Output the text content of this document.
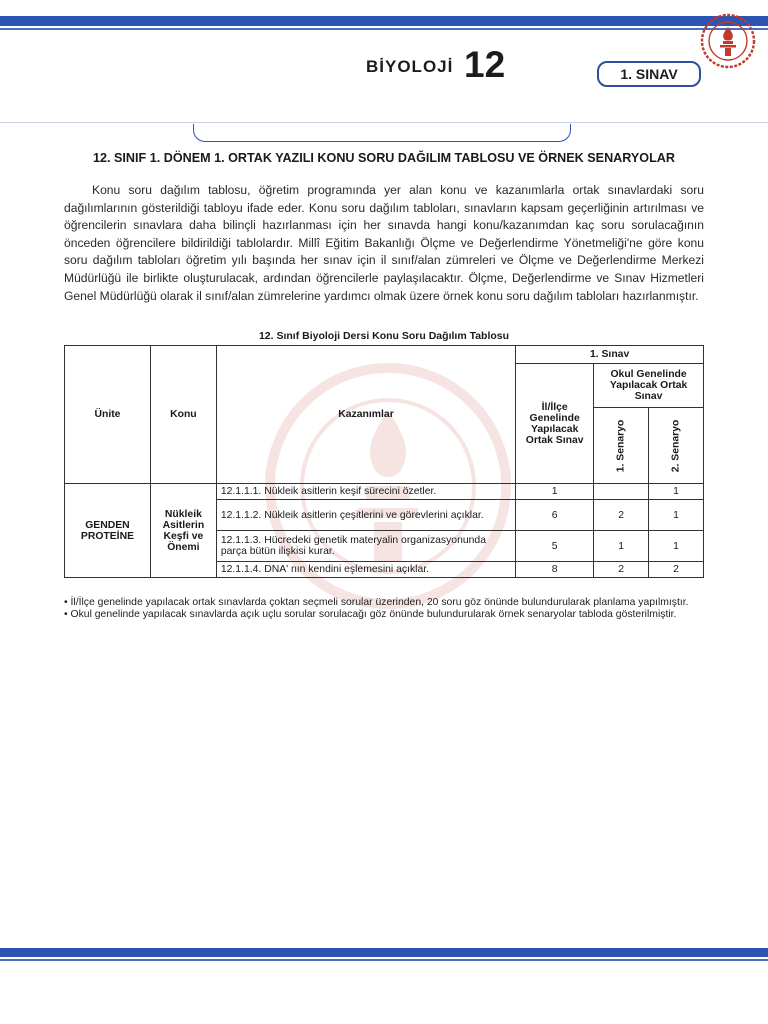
BİYOLOJİ 12	1. SINAV
12. SINIF 1. DÖNEM 1. ORTAK YAZILI KONU SORU DAĞILIM TABLOSU VE ÖRNEK SENARYOLAR

Konu soru dağılım tablosu, öğretim programında yer alan konu ve kazanımlarla ortak sınavlardaki soru dağılımlarının gösterildiği tabloyu ifade eder. Konu soru dağılım tabloları, sınavların kapsam geçerliğinin artırılması ve öğrencilerin sınavlara daha bilinçli hazırlanması için her sınavda hangi konu/kazanımdan kaç soru sorulacağının önceden öğrencilere bildirildiği tablolardır. Millî Eğitim Bakanlığı Ölçme ve Değerlendirme Yönetmeliği'ne göre konu soru dağılım tabloları öğretim yılı başında her sınav için il sınıf/alan zümreleri ve Ölçme ve Değerlendirme Merkezi Müdürlüğü ile birlikte oluşturulacak, ardından öğrencilerle paylaşılacaktır. Ölçme, Değerlendirme ve Sınav Hizmetleri Genel Müdürlüğü olarak il sınıf/alan zümrelerine yardımcı olmak üzere örnek konu soru dağılım tabloları hazırlanmıştır.

12. Sınıf Biyoloji Dersi Konu Soru Dağılım Tablosu
Ünite	Konu	Kazanımlar	1. Sınav		
			İl/İlçe Genelinde Yapılacak Ortak Sınav	Okul Genelinde Yapılacak Ortak Sınav	

				1. Senaryo	2. Senaryo

GENDEN PROTEİNE	Nükleik Asitlerin Keşfi ve Önemi	12.1.1.1. Nükleik asitlerin keşif sürecini özetler.	1		1
		12.1.1.2. Nükleik asitlerin çeşitlerini ve görevlerini açıklar.	6	2	1
		12.1.1.3. Hücredeki genetik materyalin organizasyonunda parça bütün ilişkisi kurar.	5	1	1
		12.1.1.4. DNA' nın kendini eşlemesini açıklar.	8	2	2

• İl/İlçe genelinde yapılacak ortak sınavlarda çoktan seçmeli sorular üzerinden, 20 soru göz önünde bulundurularak planlama yapılmıştır.

• Okul genelinde yapılacak sınavlarda açık uçlu sorular sorulacağı göz önünde bulundurularak örnek senaryolar tabloda gösterilmiştir.
